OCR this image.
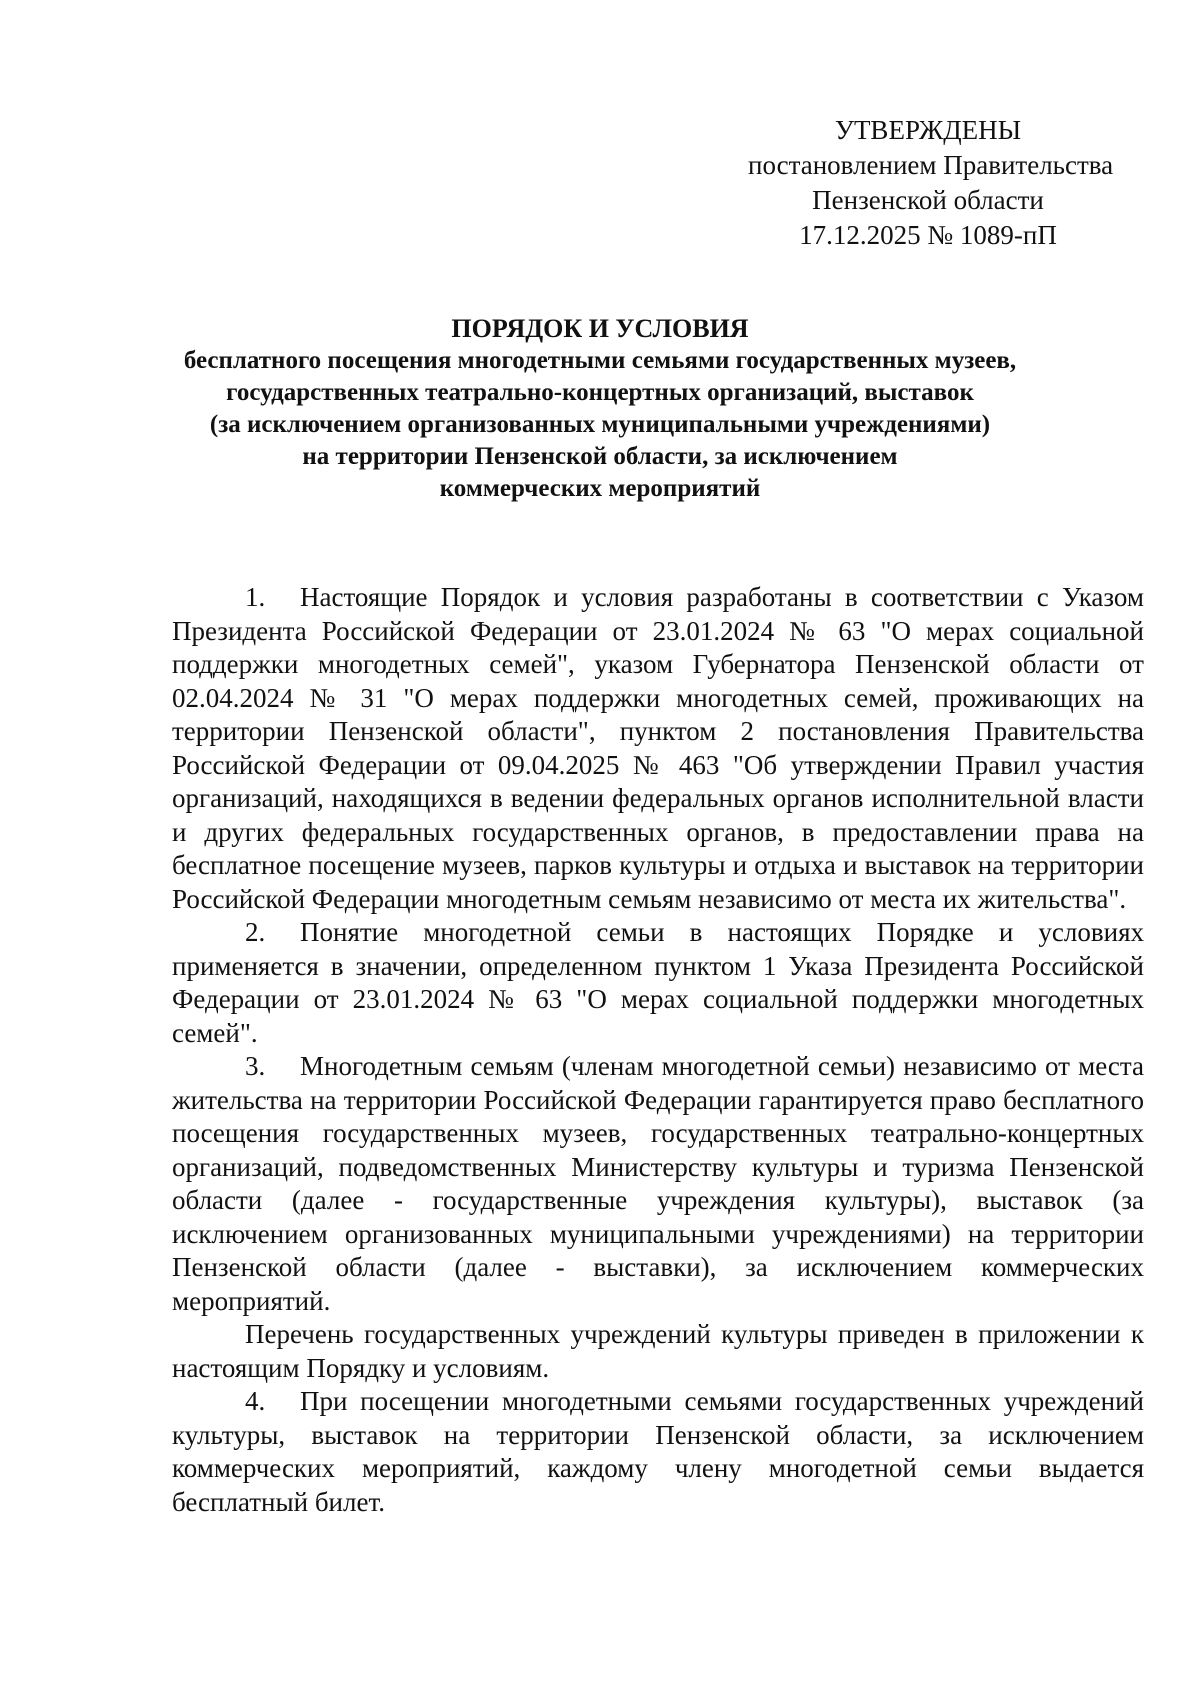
УТВЕРЖДЕНЫ
постановлением Правительства
Пензенской области
17.12.2025 № 1089-пП
ПОРЯДОК И УСЛОВИЯ
бесплатного посещения многодетными семьями государственных музеев,
государственных театрально-концертных организаций, выставок
(за исключением организованных муниципальными учреждениями)
на территории Пензенской области, за исключением
коммерческих мероприятий

1. Настоящие Порядок и условия разработаны в соответствии с Указом Президента Российской Федерации от 23.01.2024 № 63 "О мерах социальной поддержки многодетных семей", указом Губернатора Пензенской области от 02.04.2024 № 31 "О мерах поддержки многодетных семей, проживающих на территории Пензенской области", пунктом 2 постановления Правительства Российской Федерации от 09.04.2025 № 463 "Об утверждении Правил участия организаций, находящихся в ведении федеральных органов исполнительной власти и других федеральных государственных органов, в предоставлении права на бесплатное посещение музеев, парков культуры и отдыха и выставок на территории Российской Федерации многодетным семьям независимо от места их жительства".

2. Понятие многодетной семьи в настоящих Порядке и условиях применяется в значении, определенном пунктом 1 Указа Президента Российской Федерации от 23.01.2024 № 63 "О мерах социальной поддержки многодетных семей".

3. Многодетным семьям (членам многодетной семьи) независимо от места жительства на территории Российской Федерации гарантируется право бесплатного посещения государственных музеев, государственных театрально-концертных организаций, подведомственных Министерству культуры и туризма Пензенской области (далее - государственные учреждения культуры), выставок (за исключением организованных муниципальными учреждениями) на территории Пензенской области (далее - выставки), за исключением коммерческих мероприятий.

Перечень государственных учреждений культуры приведен в приложении к настоящим Порядку и условиям.

4. При посещении многодетными семьями государственных учреждений культуры, выставок на территории Пензенской области, за исключением коммерческих мероприятий, каждому члену многодетной семьи выдается бесплатный билет.
